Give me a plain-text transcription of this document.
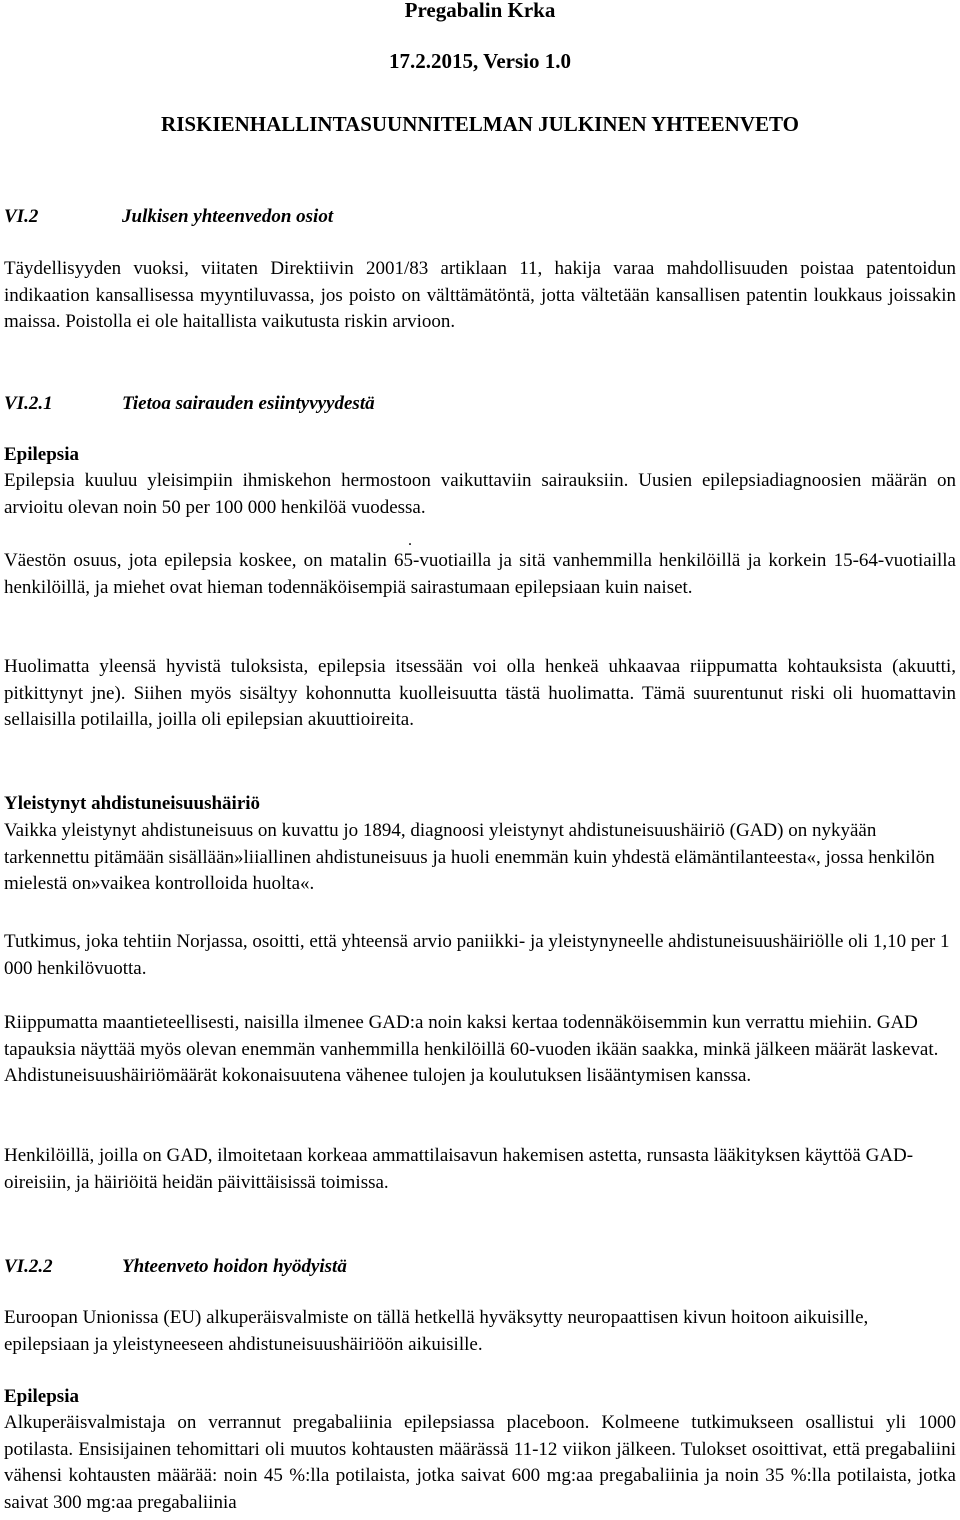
Pregabalin Krka
17.2.2015, Versio 1.0
RISKIENHALLINTASUUNNITELMAN JULKINEN YHTEENVETO
VI.2	Julkisen yhteenvedon osiot

Täydellisyyden vuoksi, viitaten Direktiivin 2001/83 artiklaan 11, hakija varaa mahdollisuuden poistaa patentoidun indikaation kansallisessa myyntiluvassa, jos poisto on välttämätöntä, jotta vältetään kansallisen patentin loukkaus joissakin maissa. Poistolla ei ole haitallista vaikutusta riskin arvioon.

VI.2.1	Tietoa sairauden esiintyvyydestä
Epilepsia

Epilepsia kuuluu yleisimpiin ihmiskehon hermostoon vaikuttaviin sairauksiin. Uusien epilepsiadiagnoosien määrän on arvioitu olevan noin 50 per 100 000 henkilöä vuodessa.

.

Väestön osuus, jota epilepsia koskee, on matalin 65-vuotiailla ja sitä vanhemmilla henkilöillä ja korkein 15-64-vuotiailla henkilöillä, ja miehet ovat hieman todennäköisempiä sairastumaan epilepsiaan kuin naiset.

Huolimatta yleensä hyvistä tuloksista, epilepsia itsessään voi olla henkeä uhkaavaa riippumatta kohtauksista (akuutti, pitkittynyt jne). Siihen myös sisältyy kohonnutta kuolleisuutta tästä huolimatta. Tämä suurentunut riski oli huomattavin sellaisilla potilailla, joilla oli epilepsian akuuttioireita.

Yleistynyt ahdistuneisuushäiriö

Vaikka yleistynyt ahdistuneisuus on kuvattu jo 1894, diagnoosi yleistynyt ahdistuneisuushäiriö (GAD) on nykyään tarkennettu pitämään sisällään»liiallinen ahdistuneisuus ja huoli enemmän kuin yhdestä elämäntilanteesta«, jossa henkilön mielestä on»vaikea kontrolloida huolta«.

Tutkimus, joka tehtiin Norjassa, osoitti, että yhteensä arvio paniikki- ja yleistynyneelle ahdistuneisuushäiriölle oli 1,10 per 1 000 henkilövuotta.

Riippumatta maantieteellisesti, naisilla ilmenee GAD:a noin kaksi kertaa todennäköisemmin kun verrattu miehiin. GAD tapauksia näyttää myös olevan enemmän vanhemmilla henkilöillä 60-vuoden ikään saakka, minkä jälkeen määrät laskevat. Ahdistuneisuushäiriömäärät kokonaisuutena vähenee tulojen ja koulutuksen lisääntymisen kanssa.

Henkilöillä, joilla on GAD, ilmoitetaan korkeaa ammattilaisavun hakemisen astetta, runsasta lääkityksen käyttöä GAD-oireisiin, ja häiriöitä heidän päivittäisissä toimissa.

VI.2.2	Yhteenveto hoidon hyödyistä

Euroopan Unionissa (EU) alkuperäisvalmiste on tällä hetkellä hyväksytty neuropaattisen kivun hoitoon aikuisille, epilepsiaan ja yleistyneeseen ahdistuneisuushäiriöön aikuisille.

Epilepsia

Alkuperäisvalmistaja on verrannut pregabaliinia epilepsiassa placeboon. Kolmeene tutkimukseen osallistui yli 1000 potilasta. Ensisijainen tehomittari oli muutos kohtausten määrässä 11-12 viikon jälkeen. Tulokset osoittivat, että pregabaliini vähensi kohtausten määrää: noin 45 %:lla potilaista, jotka saivat 600 mg:aa pregabaliinia ja noin 35 %:lla potilaista, jotka saivat 300 mg:aa pregabaliinia
